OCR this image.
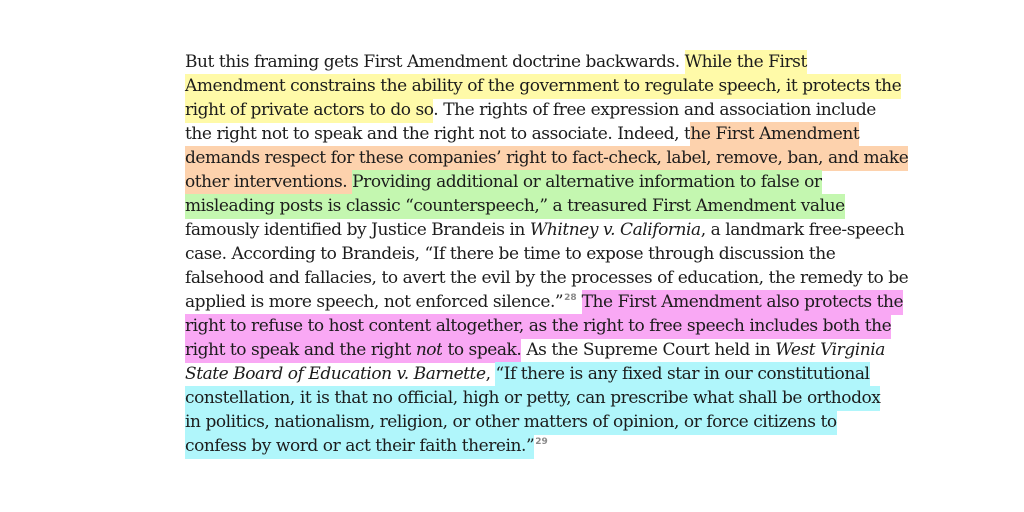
But this framing gets First Amendment doctrine backwards. While the First
Amendment constrains the ability of the government to regulate speech, it protects the
right of private actors to do so. The rights of free expression and association include
the right not to speak and the right not to associate. Indeed, the First Amendment
demands respect for these companies’ right to fact-check, label, remove, ban, and make
other interventions. Providing additional or alternative information to false or
misleading posts is classic “counterspeech,” a treasured First Amendment value
famously identified by Justice Brandeis in Whitney v. California, a landmark free-speech
case. According to Brandeis, “If there be time to expose through discussion the
falsehood and fallacies, to avert the evil by the processes of education, the remedy to be
applied is more speech, not enforced silence.”$^{28}$ The First Amendment also protects the
right to refuse to host content altogether, as the right to free speech includes both the
right to speak and the right not to speak. As the Supreme Court held in West Virginia
State Board of Education v. Barnette, “If there is any fixed star in our constitutional
constellation, it is that no official, high or petty, can prescribe what shall be orthodox
in politics, nationalism, religion, or other matters of opinion, or force citizens to
confess by word or act their faith therein.”$^{29}$
